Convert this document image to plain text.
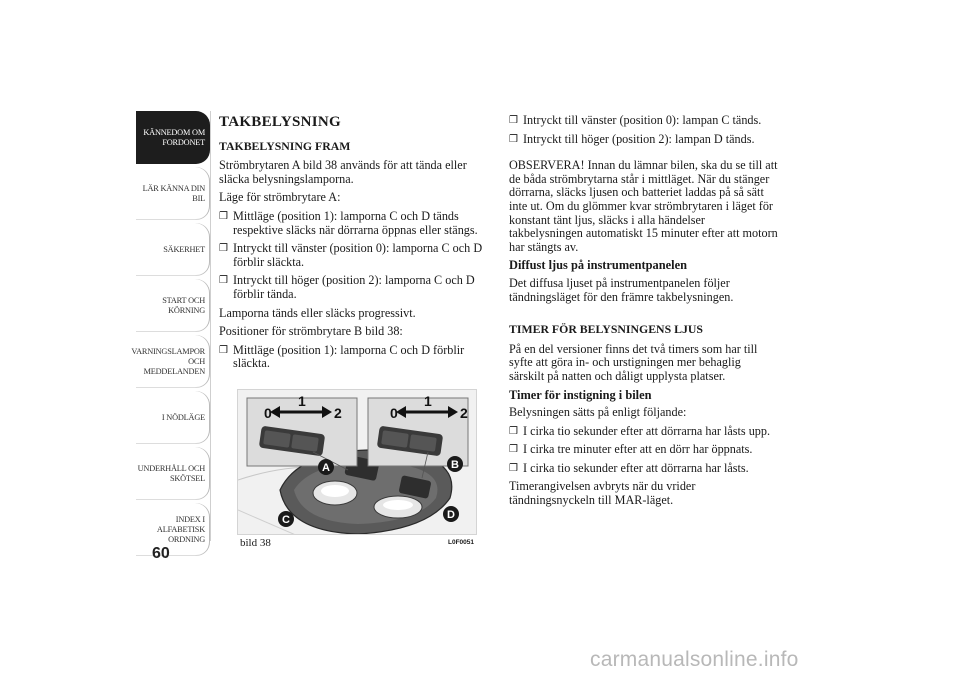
KÄNNEDOM OM
FORDONET
LÄR KÄNNA DIN
BIL
SÄKERHET
START OCH
KÖRNING
VARNINGSLAMPOR
OCH
MEDDELANDEN
I NÖDLÄGE
UNDERHÅLL OCH
SKÖTSEL
INDEX I
ALFABETISK
ORDNING
60
TAKBELYSNING
TAKBELYSNING FRAM
Strömbrytaren A bild 38 används för att tända eller släcka belysningslamporna.
Läge för strömbrytare A:
❒ Mittläge (position 1): lamporna C och D tänds respektive släcks när dörrarna öppnas eller stängs.
❒ Intryckt till vänster (position 0): lamporna C och D förblir släckta.
❒ Intryckt till höger (position 2): lamporna C och D förblir tända.
Lamporna tänds eller släcks progressivt.
Positioner för strömbrytare B bild 38:
❒ Mittläge (position 1): lamporna C och D förblir släckta.
0
1
2	0
1
2
A	B
C	D
bild 38	L0F0051
❒ Intryckt till vänster (position 0): lampan C tänds.
❒ Intryckt till höger (position 2): lampan D tänds.
OBSERVERA! Innan du lämnar bilen, ska du se till att de båda strömbrytarna står i mittläget. När du stänger dörrarna, släcks ljusen och batteriet laddas på så sätt inte ut. Om du glömmer kvar strömbrytaren i läget för konstant tänt ljus, släcks i alla händelser takbelysningen automatiskt 15 minuter efter att motorn har stängts av.
Diffust ljus på instrumentpanelen
Det diffusa ljuset på instrumentpanelen följer tändningsläget för den främre takbelysningen.
TIMER FÖR BELYSNINGENS LJUS
På en del versioner finns det två timers som har till syfte att göra in- och urstigningen mer behaglig särskilt på natten och dåligt upplysta platser.
Timer för instigning i bilen
Belysningen sätts på enligt följande:
❒ I cirka tio sekunder efter att dörrarna har låsts upp.
❒ I cirka tre minuter efter att en dörr har öppnats.
❒ I cirka tio sekunder efter att dörrarna har låsts.
Timerangivelsen avbryts när du vrider tändningsnyckeln till MAR-läget.
carmanualsonline.info
